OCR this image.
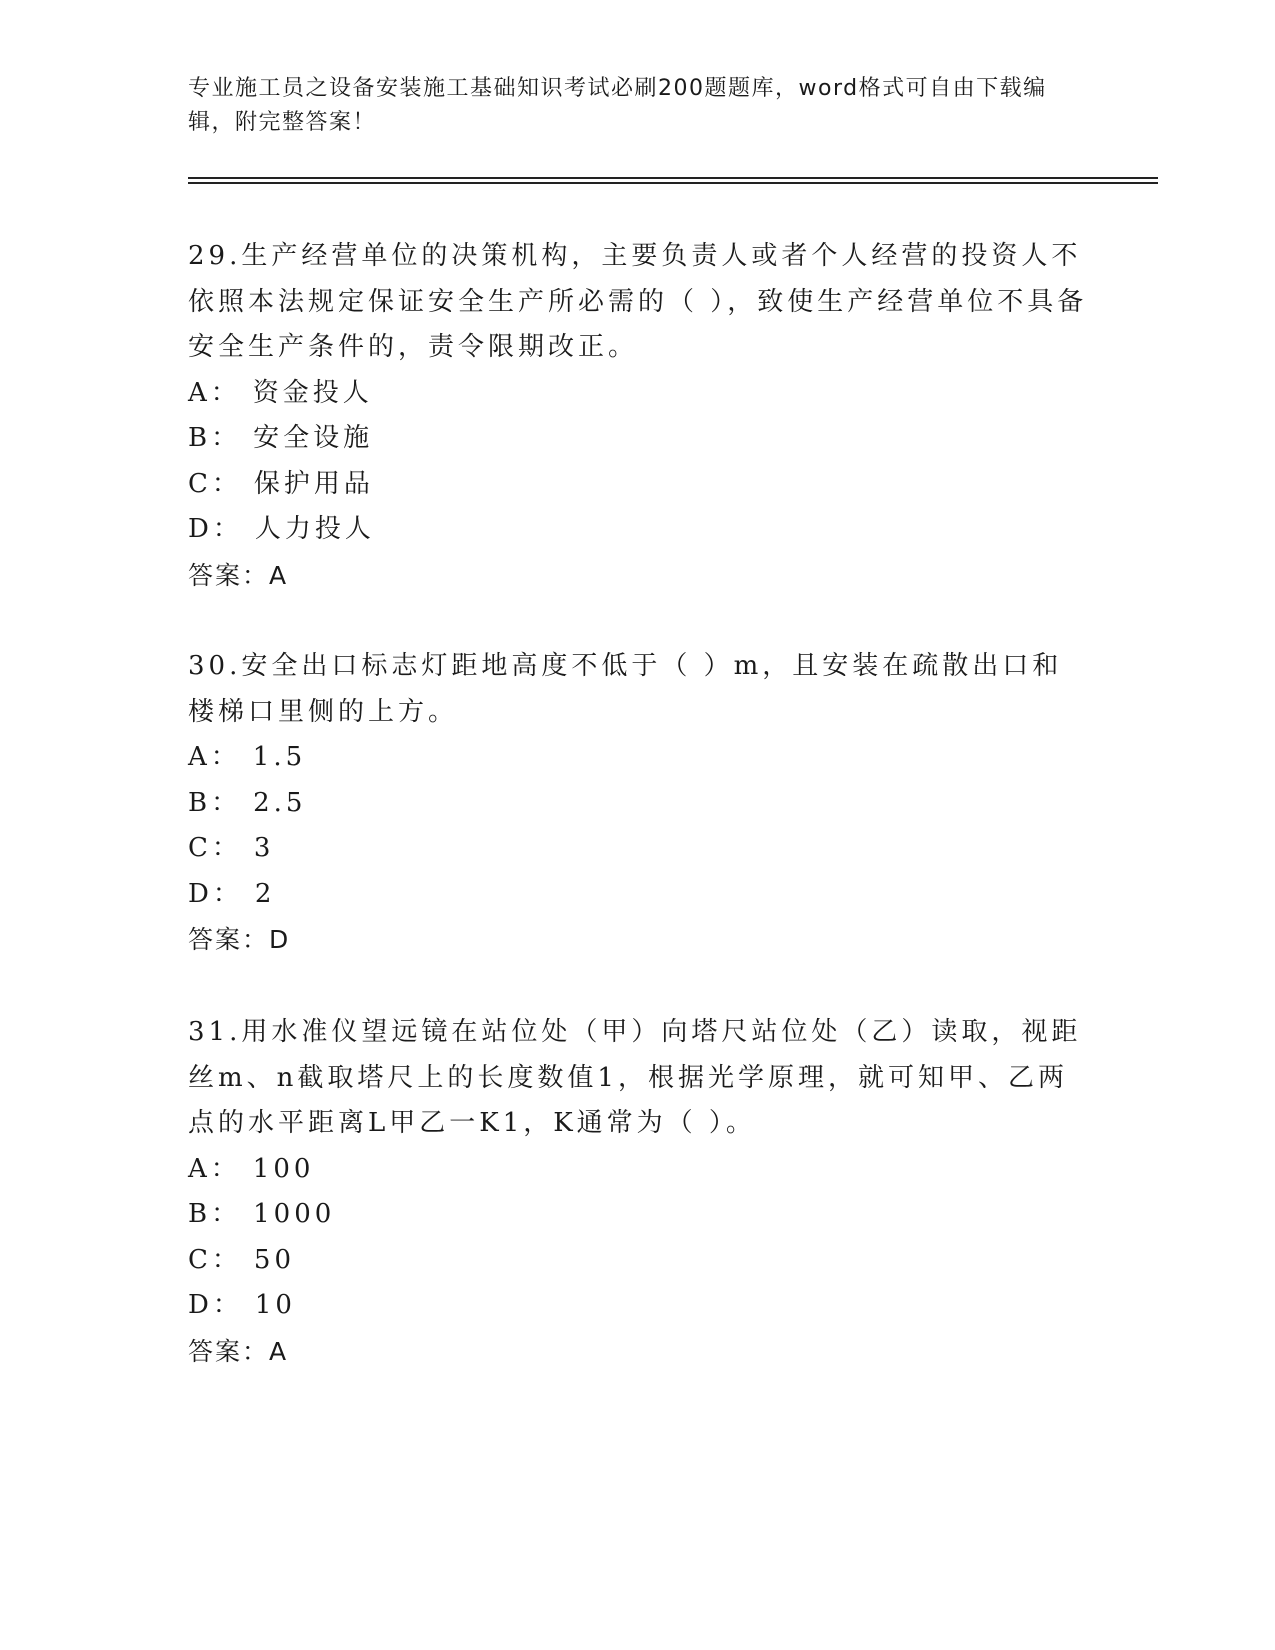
专业施工员之设备安装施工基础知识考试必刷200题题库，word格式可自由下载编辑，附完整答案！

29.生产经营单位的决策机构，主要负责人或者个人经营的投资人不依照本法规定保证安全生产所必需的（ ），致使生产经营单位不具备安全生产条件的，责令限期改正。

A： 资金投人
B： 安全设施
C： 保护用品
D： 人力投人
答案：A

30.安全出口标志灯距地高度不低于（ ）m，且安装在疏散出口和楼梯口里侧的上方。

A： 1.5
B： 2.5
C： 3
D： 2
答案：D

31.用水准仪望远镜在站位处（甲）向塔尺站位处（乙）读取，视距丝m、n截取塔尺上的长度数值1，根据光学原理，就可知甲、乙两点的水平距离L甲乙一K1，K通常为（ ）。

A： 100
B： 1000
C： 50
D： 10
答案：A
